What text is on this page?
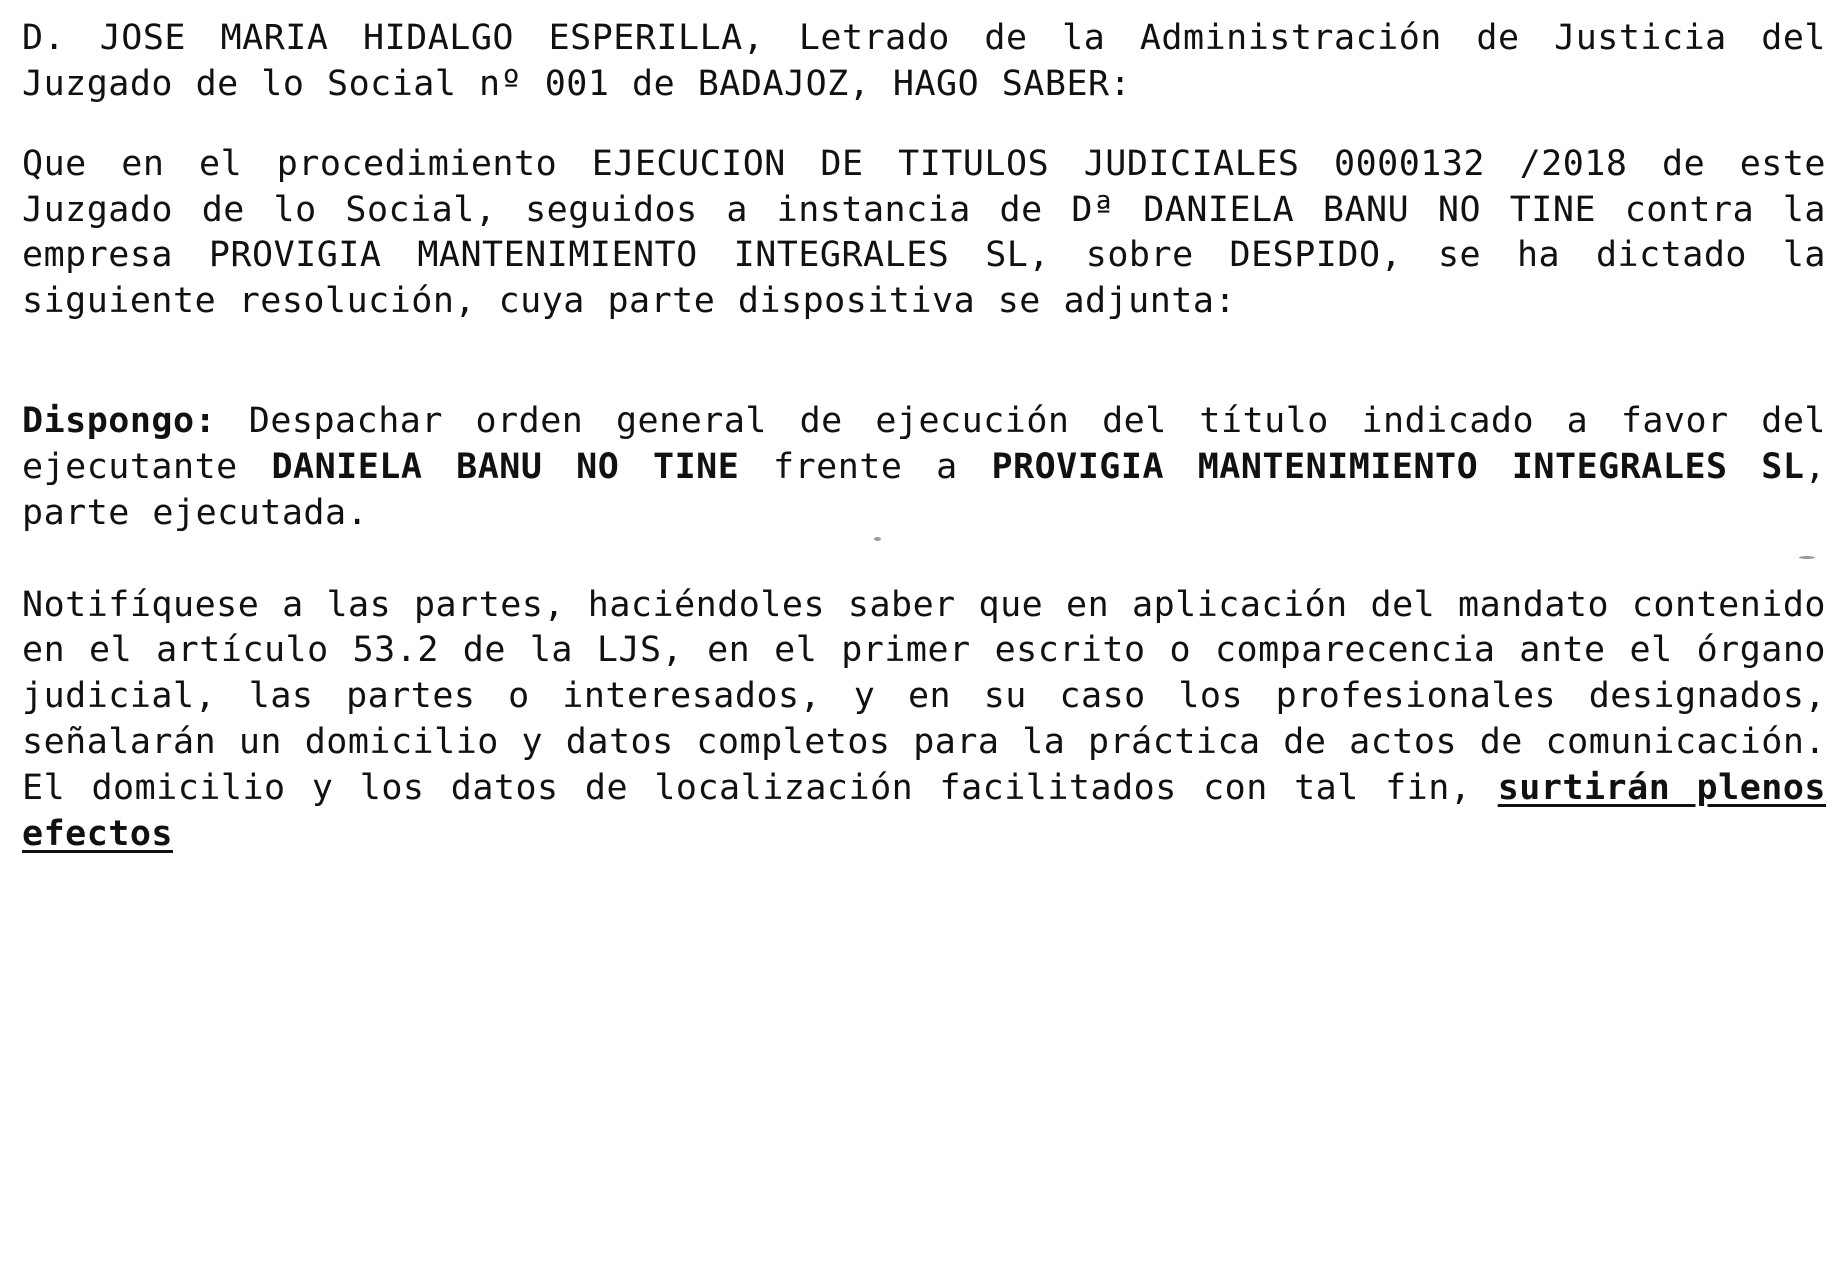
D. JOSE MARIA HIDALGO ESPERILLA, Letrado de la Administración de Justicia del Juzgado de lo Social nº 001 de BADAJOZ, HAGO SABER:

Que en el procedimiento EJECUCION DE TITULOS JUDICIALES 0000132 /2018 de este Juzgado de lo Social, seguidos a instancia de Dª DANIELA BANU NO TINE contra la empresa PROVIGIA MANTENIMIENTO INTEGRALES SL, sobre DESPIDO, se ha dictado la siguiente resolución, cuya parte dispositiva se adjunta:

Dispongo: Despachar orden general de ejecución del título indicado a favor del ejecutante DANIELA BANU NO TINE frente a PROVIGIA MANTENIMIENTO INTEGRALES SL, parte ejecutada.

Notifíquese a las partes, haciéndoles saber que en aplicación del mandato contenido en el artículo 53.2 de la LJS, en el primer escrito o comparecencia ante el órgano judicial, las partes o interesados, y en su caso los profesionales designados, señalarán un domicilio y datos completos para la práctica de actos de comunicación. El domicilio y los datos de localización facilitados con tal fin, surtirán plenos efectos
